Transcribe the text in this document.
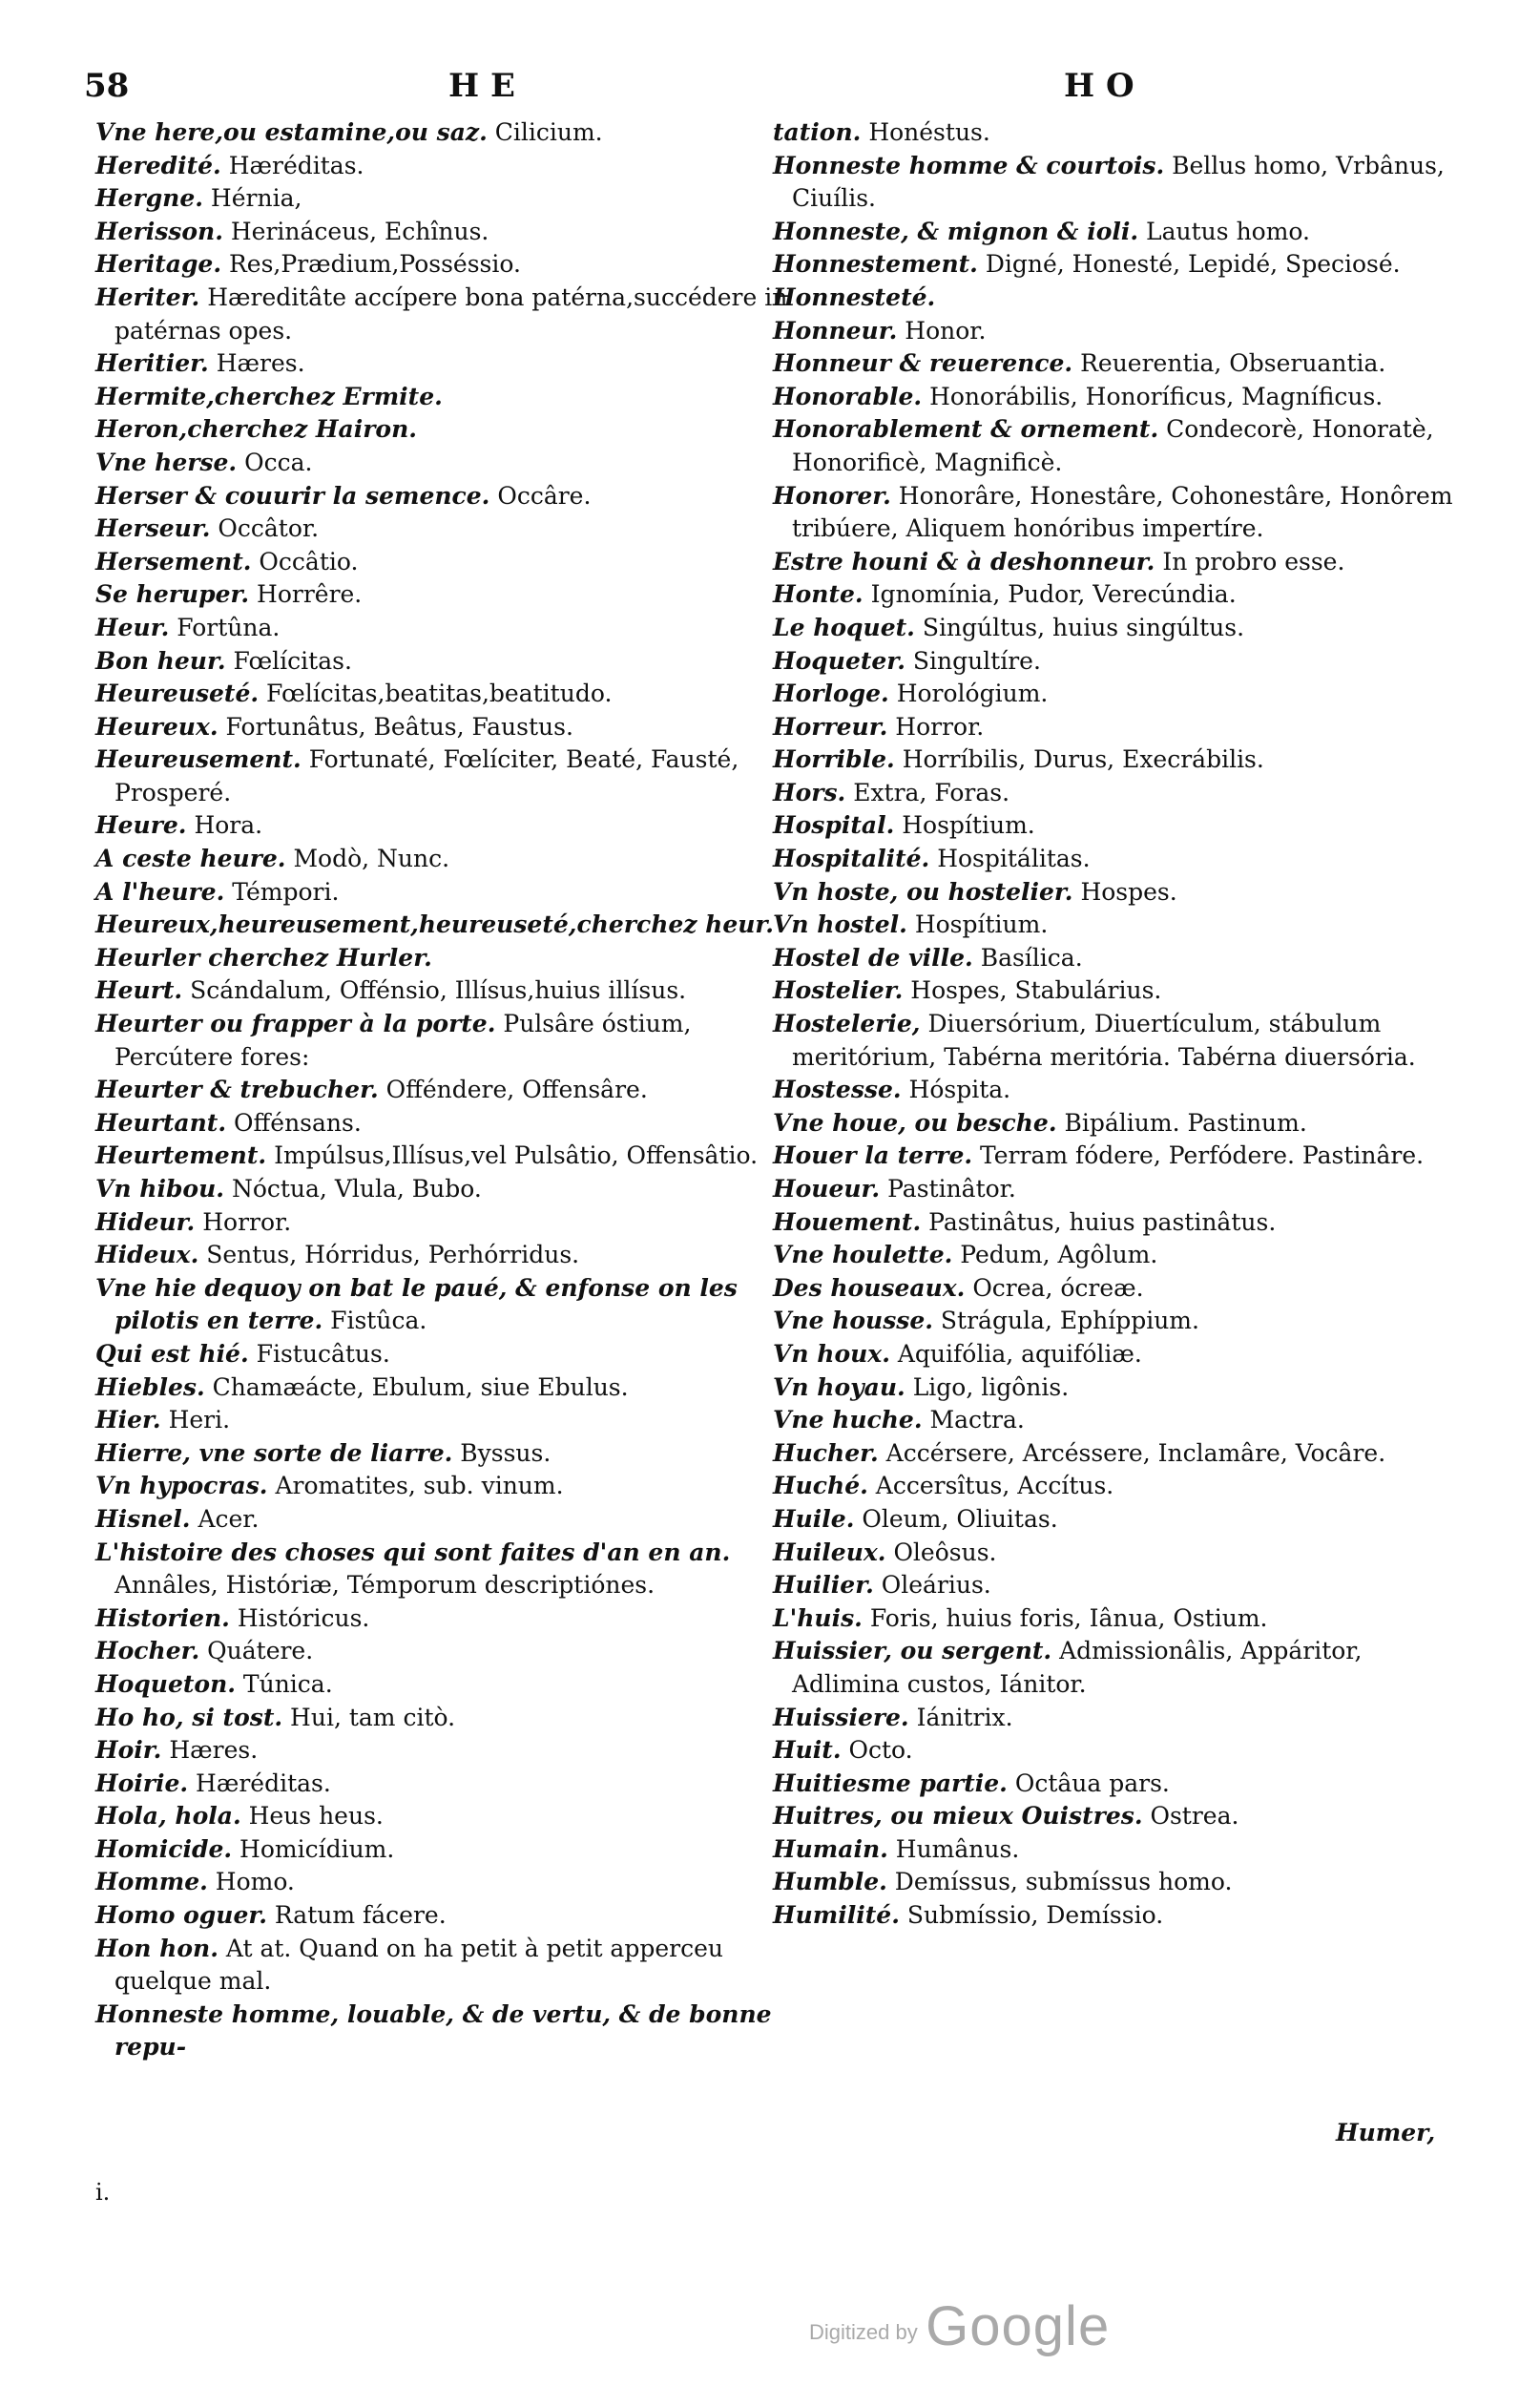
58	H E	H O
Vne here,ou estamine,ou saz. Cilicium.
Heredité. Hæréditas.
Hergne. Hérnia,
Herisson. Herináceus, Echînus.
Heritage. Res,Prædium,Posséssio.
Heriter. Hæreditâte accípere bona patérna,succédere in patérnas opes.
Heritier. Hæres.
Hermite,cherchez Ermite.
Heron,cherchez Hairon.
Vne herse. Occa.
Herser & couurir la semence. Occâre.
Herseur. Occâtor.
Hersement. Occâtio.
Se heruper. Horrêre.
Heur. Fortûna.
Bon heur. Fœlícitas.
Heureuseté. Fœlícitas,beatitas,beatitudo.
Heureux. Fortunâtus, Beâtus, Faustus.
Heureusement. Fortunaté, Fœlíciter, Beaté, Fausté, Prosperé.
Heure. Hora.
A ceste heure. Modò, Nunc.
A l'heure. Témpori.
Heureux,heureusement,heureuseté,cherchez heur.
Heurler cherchez Hurler.
Heurt. Scándalum, Offénsio, Illísus,huius illísus.
Heurter ou frapper à la porte. Pulsâre óstium, Percútere fores:
Heurter & trebucher. Offéndere, Offensâre.
Heurtant. Offénsans.
Heurtement. Impúlsus,Illísus,vel Pulsâtio, Offensâtio.
Vn hibou. Nóctua, Vlula, Bubo.
Hideur. Horror.
Hideux. Sentus, Hórridus, Perhórridus.
Vne hie dequoy on bat le paué, & enfonse on les pilotis en terre. Fistûca.
Qui est hié. Fistucâtus.
Hiebles. Chamæácte, Ebulum, siue Ebulus.
Hier. Heri.
Hierre, vne sorte de liarre. Byssus.
Vn hypocras. Aromatites, sub. vinum.
Hisnel. Acer.
L'histoire des choses qui sont faites d'an en an. Annâles, Históriæ, Témporum descriptiónes.
Historien. Históricus.
Hocher. Quátere.
Hoqueton. Túnica.
Ho ho, si tost. Hui, tam citò.
Hoir. Hæres.
Hoirie. Hæréditas.
Hola, hola. Heus heus.
Homicide. Homicídium.
Homme. Homo.
Homo oguer. Ratum fácere.
Hon hon. At at. Quand on ha petit à petit apperceu quelque mal.
Honneste homme, louable, & de vertu, & de bonne repu-
tation. Honéstus.
Honneste homme & courtois. Bellus homo, Vrbânus, Ciuílis.
Honneste, & mignon & ioli. Lautus homo.
Honnestement. Digné, Honesté, Lepidé, Speciosé.
Honnesteté.
Honneur. Honor.
Honneur & reuerence. Reuerentia, Obseruantia.
Honorable. Honorábilis, Honoríficus, Magníficus.
Honorablement & ornement. Condecorè, Honoratè, Honorificè, Magnificè.
Honorer. Honorâre, Honestâre, Cohonestâre, Honôrem tribúere, Aliquem honóribus impertíre.
Estre houni & à deshonneur. In probro esse.
Honte. Ignomínia, Pudor, Verecúndia.
Le hoquet. Singúltus, huius singúltus.
Hoqueter. Singultíre.
Horloge. Horológium.
Horreur. Horror.
Horrible. Horríbilis, Durus, Execrábilis.
Hors. Extra, Foras.
Hospital. Hospítium.
Hospitalité. Hospitálitas.
Vn hoste, ou hostelier. Hospes.
Vn hostel. Hospítium.
Hostel de ville. Basílica.
Hostelier. Hospes, Stabulárius.
Hostelerie, Diuersórium, Diuertículum, stábulum meritórium, Tabérna meritória. Tabérna diuersória.
Hostesse. Hóspita.
Vne houe, ou besche. Bipálium. Pastinum.
Houer la terre. Terram fódere, Perfódere. Pastinâre.
Houeur. Pastinâtor.
Houement. Pastinâtus, huius pastinâtus.
Vne houlette. Pedum, Agôlum.
Des houseaux. Ocrea, ócreæ.
Vne housse. Strágula, Ephíppium.
Vn houx. Aquifólia, aquifóliæ.
Vn hoyau. Ligo, ligônis.
Vne huche. Mactra.
Hucher. Accérsere, Arcéssere, Inclamâre, Vocâre.
Huché. Accersîtus, Accítus.
Huile. Oleum, Oliuitas.
Huileux. Oleôsus.
Huilier. Oleárius.
L'huis. Foris, huius foris, Iânua, Ostium.
Huissier, ou sergent. Admissionâlis, Appáritor, Adlimina custos, Iánitor.
Huissiere. Iánitrix.
Huit. Octo.
Huitiesme partie. Octâua pars.
Huitres, ou mieux Ouistres. Ostrea.
Humain. Humânus.
Humble. Demíssus, submíssus homo.
Humilité. Submíssio, Demíssio.
Humer,
i.
Digitized by Google
